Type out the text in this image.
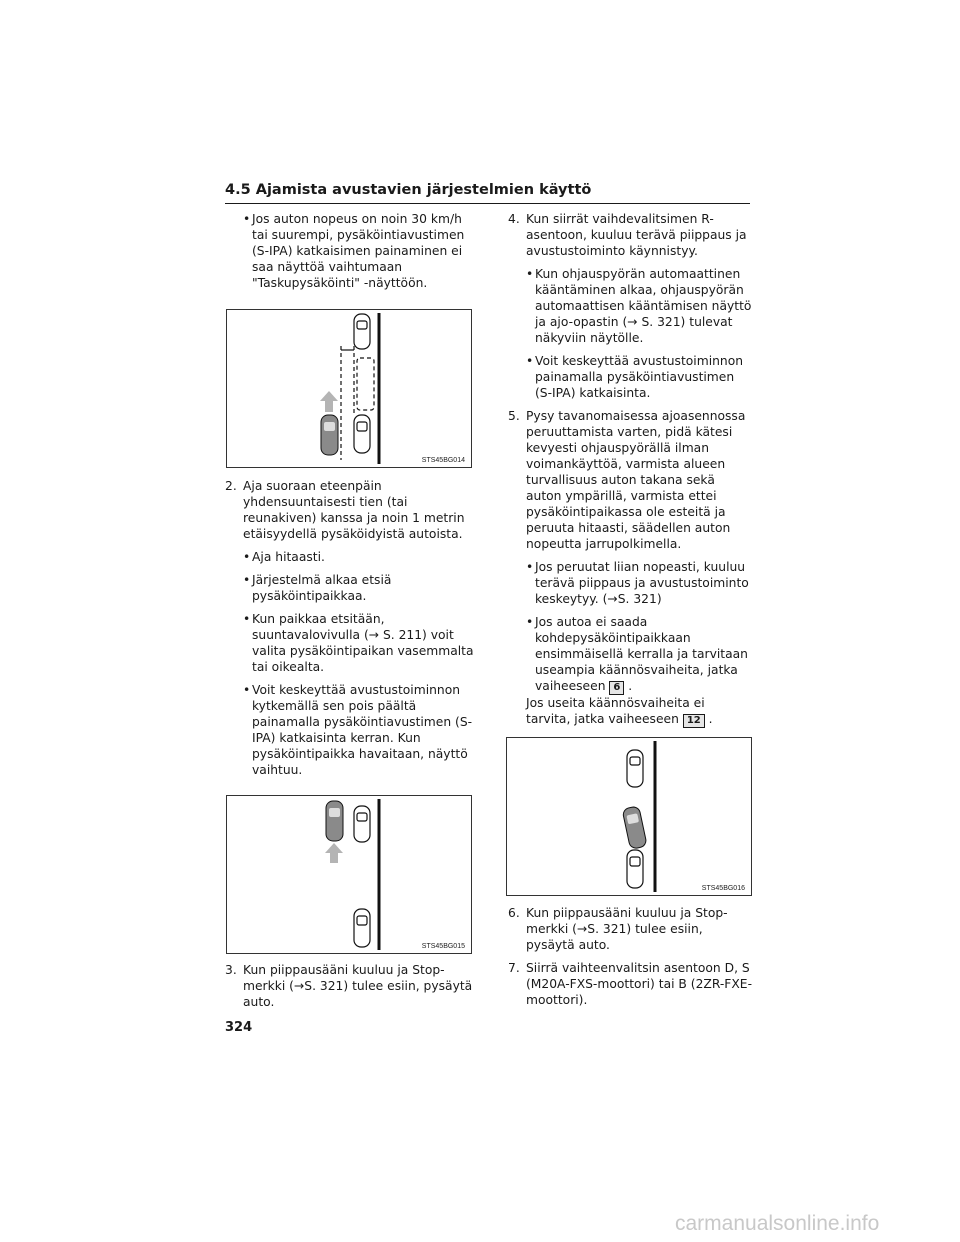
4.5 Ajamista avustavien järjestelmien käyttö

• Jos auton nopeus on noin 30 km/h tai suurempi, pysäköintiavustimen (S-IPA) katkaisimen painaminen ei saa näyttöä vaihtumaan "Taskupysäköinti" -näyttöön.

STS45BG014

2. Aja suoraan eteenpäin yhdensuuntaisesti tien (tai reunakiven) kanssa ja noin 1 metrin etäisyydellä pysäköidyistä autoista.

• Aja hitaasti.

• Järjestelmä alkaa etsiä pysäköintipaikkaa.

• Kun paikkaa etsitään, suuntavalovivulla (→ S. 211) voit valita pysäköintipaikan vasemmalta tai oikealta.

• Voit keskeyttää avustustoiminnon kytkemällä sen pois päältä painamalla pysäköintiavustimen (S-IPA) katkaisinta kerran. Kun pysäköintipaikka havaitaan, näyttö vaihtuu.

STS45BG015

3. Kun piippausääni kuuluu ja Stop-merkki (→S. 321) tulee esiin, pysäytä auto.

4. Kun siirrät vaihdevalitsimen R-asentoon, kuuluu terävä piippaus ja avustustoiminto käynnistyy.

• Kun ohjauspyörän automaattinen kääntäminen alkaa, ohjauspyörän automaattisen kääntämisen näyttö ja ajo-opastin (→ S. 321) tulevat näkyviin näytölle.

• Voit keskeyttää avustustoiminnon painamalla pysäköintiavustimen (S-IPA) katkaisinta.

5. Pysy tavanomaisessa ajoasennossa peruuttamista varten, pidä kätesi kevyesti ohjauspyörällä ilman voimankäyttöä, varmista alueen turvallisuus auton takana sekä auton ympärillä, varmista ettei pysäköintipaikassa ole esteitä ja peruuta hitaasti, säädellen auton nopeutta jarrupolkimella.

• Jos peruutat liian nopeasti, kuuluu terävä piippaus ja avustustoiminto keskeytyy. (→S. 321)

• Jos autoa ei saada kohdepysäköintipaikkaan ensimmäisellä kerralla ja tarvitaan useampia käännösvaiheita, jatka vaiheeseen 6 .

Jos useita käännösvaiheita ei tarvita, jatka vaiheeseen 12 .

STS45BG016

6. Kun piippausääni kuuluu ja Stop-merkki (→S. 321) tulee esiin, pysäytä auto.

7. Siirrä vaihteenvalitsin asentoon D, S (M20A-FXS-moottori) tai B (2ZR-FXE-moottori).

324
carmanualsonline.info
